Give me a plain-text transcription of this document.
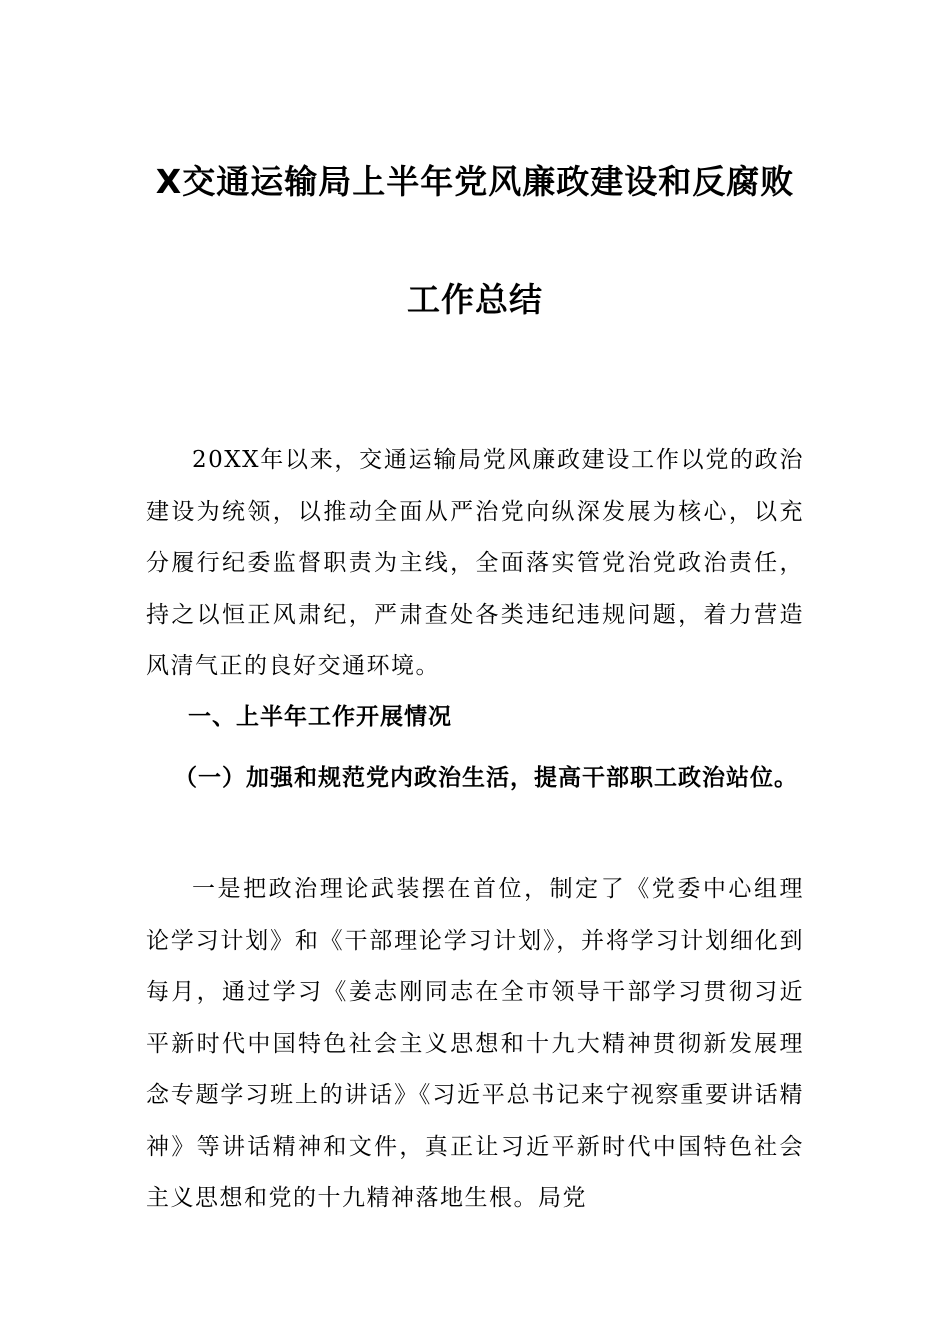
X交通运输局上半年党风廉政建设和反腐败
工作总结

20XX年以来，交通运输局党风廉政建设工作以党的政治建设为统领，以推动全面从严治党向纵深发展为核心，以充分履行纪委监督职责为主线，全面落实管党治党政治责任，持之以恒正风肃纪，严肃查处各类违纪违规问题，着力营造风清气正的良好交通环境。

一、上半年工作开展情况
（一）加强和规范党内政治生活，提高干部职工政治站位。

一是把政治理论武装摆在首位，制定了《党委中心组理论学习计划》和《干部理论学习计划》，并将学习计划细化到每月，通过学习《姜志刚同志在全市领导干部学习贯彻习近平新时代中国特色社会主义思想和十九大精神贯彻新发展理念专题学习班上的讲话》《习近平总书记来宁视察重要讲话精神》等讲话精神和文件，真正让习近平新时代中国特色社会主义思想和党的十九精神落地生根。局党
